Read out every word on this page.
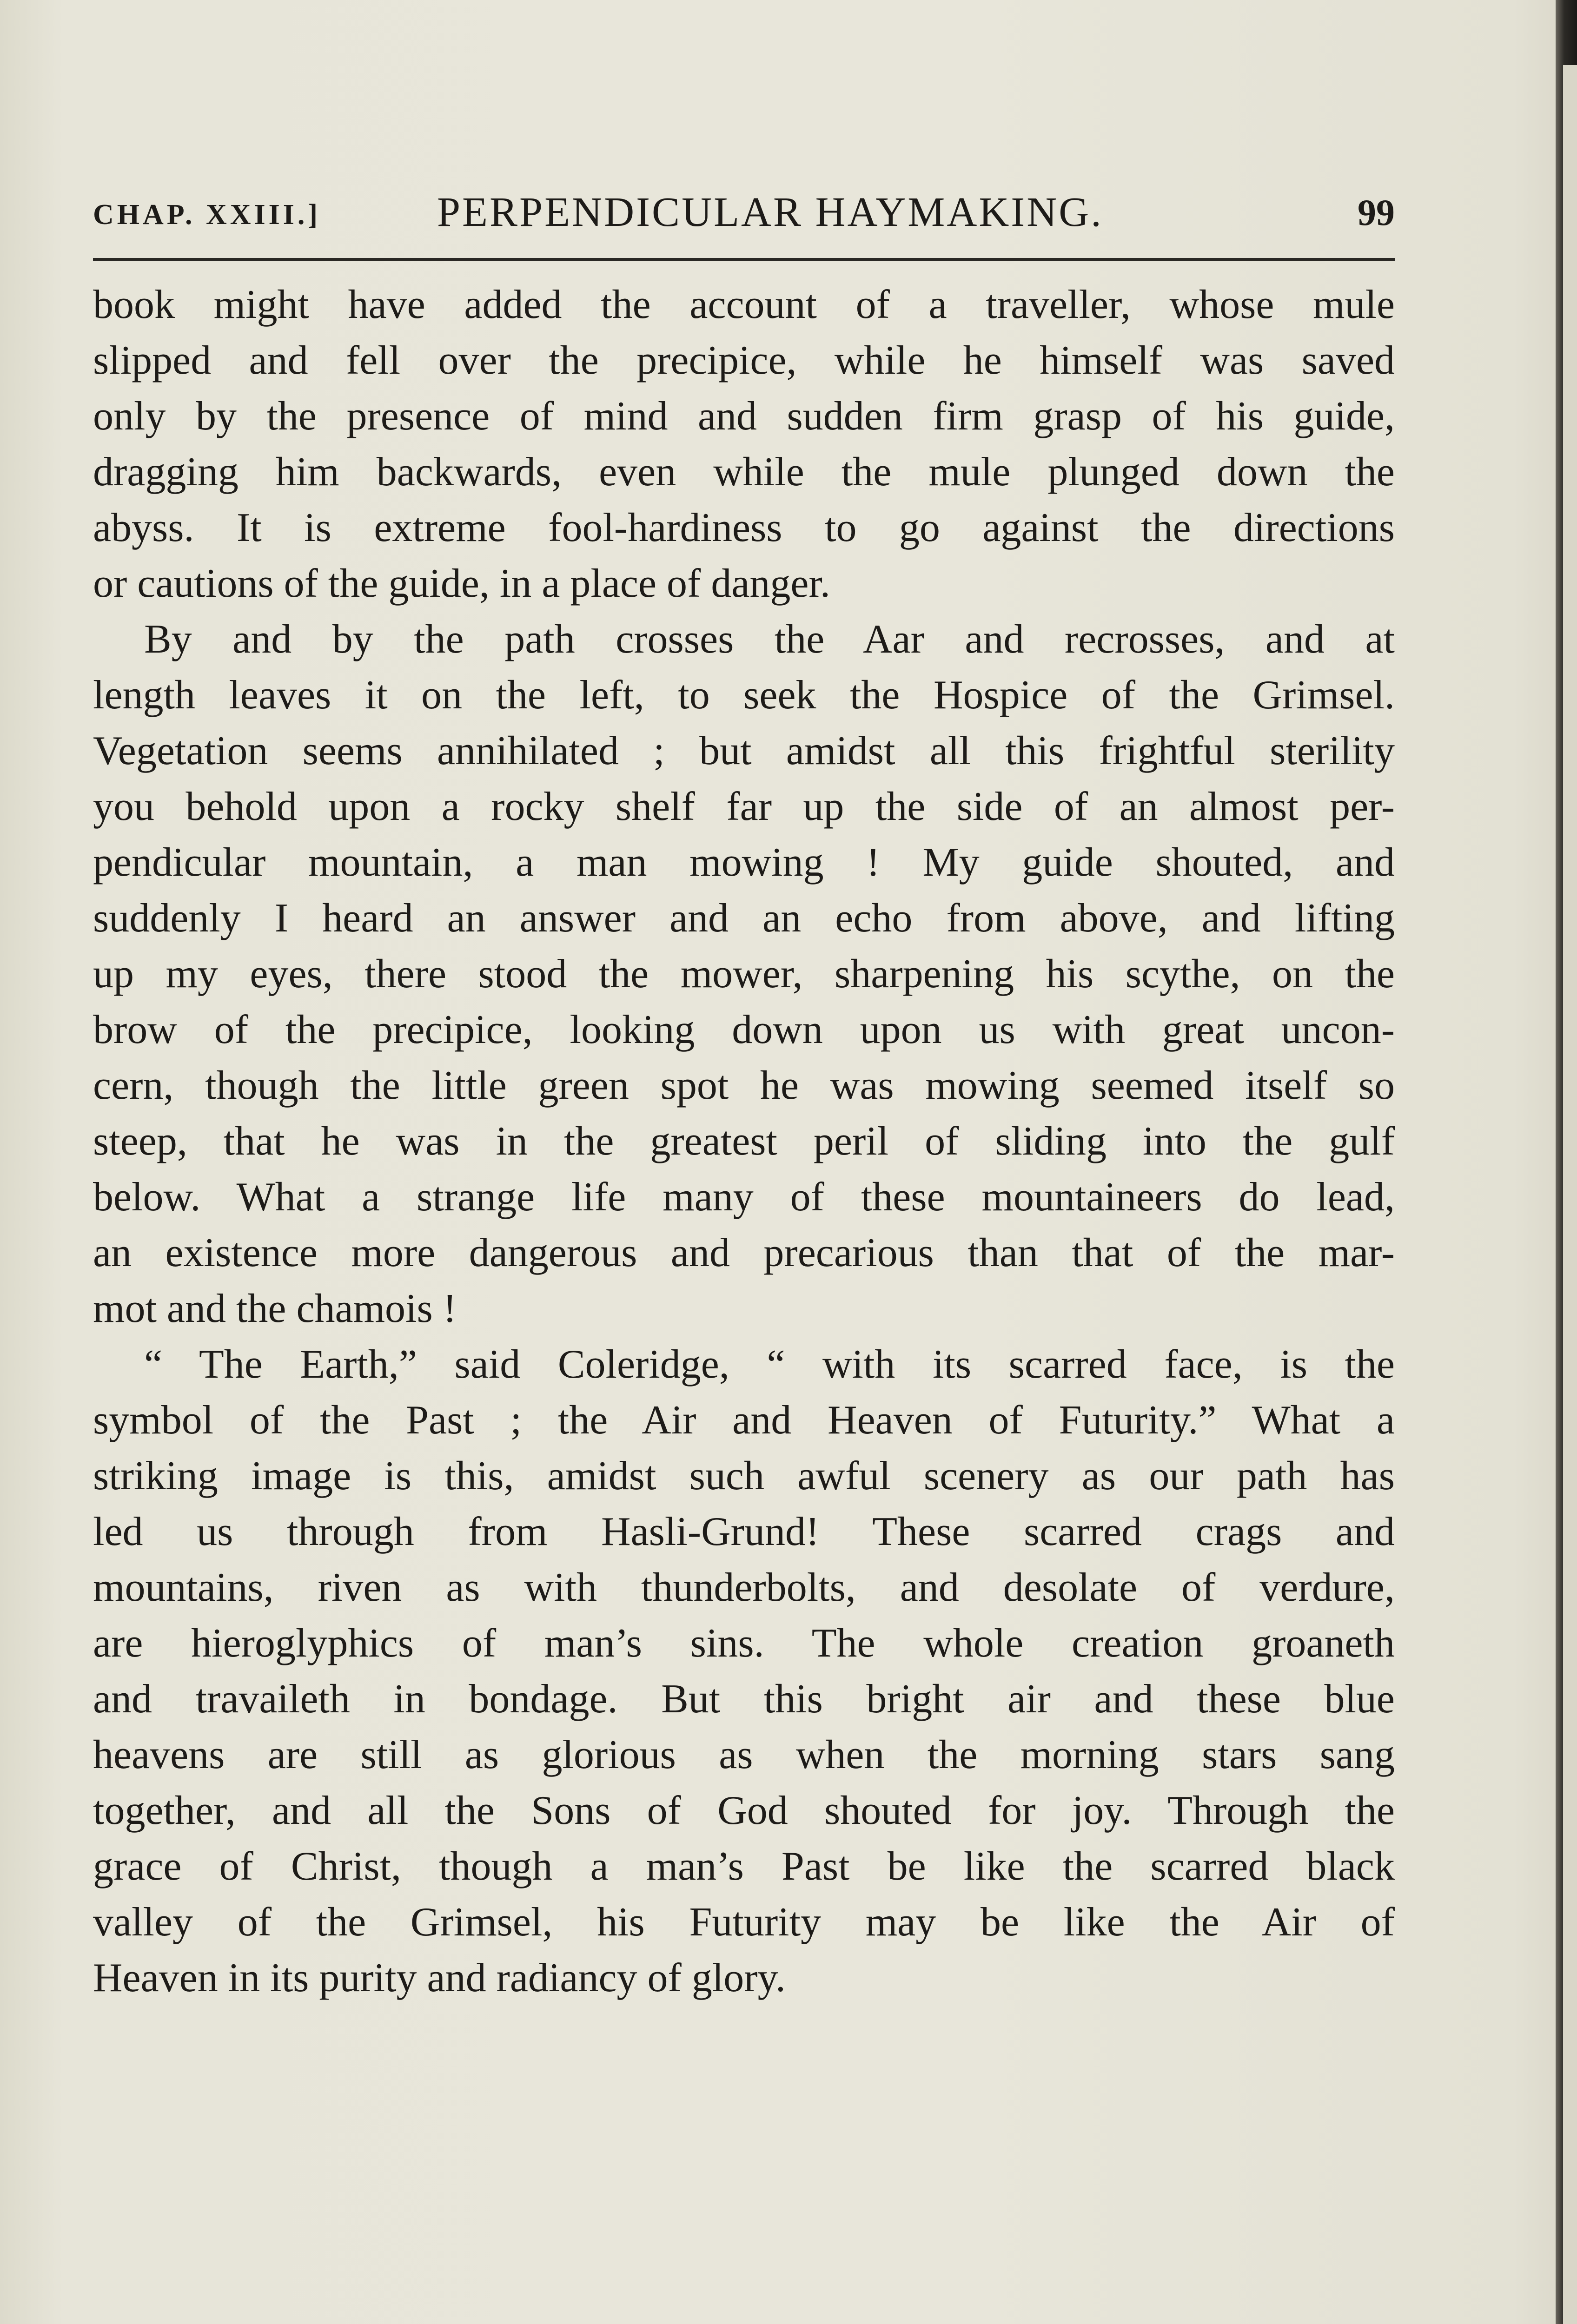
CHAP. XXIII.]	PERPENDICULAR HAYMAKING.	99
book might have added the account of a traveller, whose mule
slipped and fell over the precipice, while he himself was saved
only by the presence of mind and sudden firm grasp of his guide,
dragging him backwards, even while the mule plunged down the
abyss. It is extreme fool-hardiness to go against the directions
or cautions of the guide, in a place of danger.
By and by the path crosses the Aar and recrosses, and at
length leaves it on the left, to seek the Hospice of the Grimsel.
Vegetation seems annihilated ; but amidst all this frightful sterility
you behold upon a rocky shelf far up the side of an almost per-
pendicular mountain, a man mowing ! My guide shouted, and
suddenly I heard an answer and an echo from above, and lifting
up my eyes, there stood the mower, sharpening his scythe, on the
brow of the precipice, looking down upon us with great uncon-
cern, though the little green spot he was mowing seemed itself so
steep, that he was in the greatest peril of sliding into the gulf
below. What a strange life many of these mountaineers do lead,
an existence more dangerous and precarious than that of the mar-
mot and the chamois !
“ The Earth,” said Coleridge, “ with its scarred face, is the
symbol of the Past ; the Air and Heaven of Futurity.” What a
striking image is this, amidst such awful scenery as our path has
led us through from Hasli-Grund! These scarred crags and
mountains, riven as with thunderbolts, and desolate of verdure,
are hieroglyphics of man’s sins. The whole creation groaneth
and travaileth in bondage. But this bright air and these blue
heavens are still as glorious as when the morning stars sang
together, and all the Sons of God shouted for joy. Through the
grace of Christ, though a man’s Past be like the scarred black
valley of the Grimsel, his Futurity may be like the Air of
Heaven in its purity and radiancy of glory.
